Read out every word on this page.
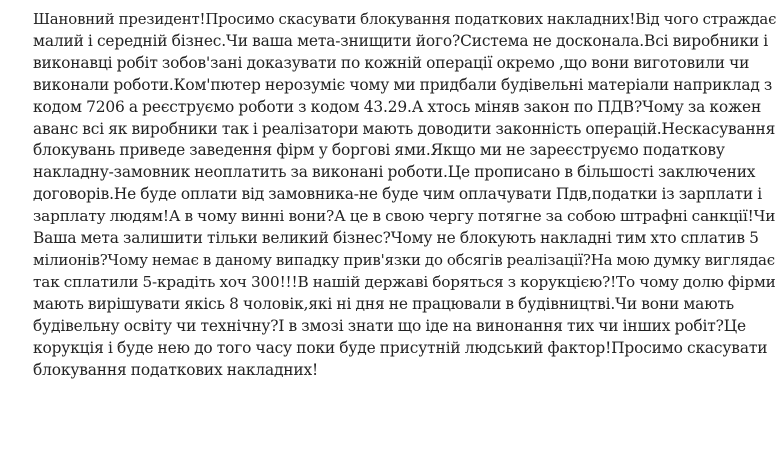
Шановний президент!Просимо скасувати блокування податкових накладних!Від чого страждає
малий і середній бізнес.Чи ваша мета-знищити його?Система не досконала.Всі виробники і
виконавці робіт зобов'зані доказувати по кожній операції окремо ,що вони виготовили чи
виконали роботи.Ком'пютер нерозуміє чому ми придбали будівельні матеріали наприклад з
кодом 7206 а реєструємо роботи з кодом 43.29.А хтось міняв закон по ПДВ?Чому за кожен
аванс всі як виробники так і реалізатори мають доводити законність операцій.Нескасування
блокувань приведе заведення фірм у боргові ями.Якщо ми не зареєструємо податкову
накладну-замовник неоплатить за виконані роботи.Це прописано в більшості заключених
договорів.Не буде оплати від замовника-не буде чим оплачувати Пдв,податки із зарплати і
зарплату людям!А в чому винні вони?А це в свою чергу потягне за собою штрафні санкції!Чи
Ваша мета залишити тільки великий бізнес?Чому не блокують накладні тим хто сплатив 5
мілионів?Чому немає в даному випадку прив'язки до обсягів реалізації?На мою думку виглядає
так сплатили 5-крадіть хоч 300!!!В нашій державі боряться з корукцією?!То чому долю фірми
мають вирішувати якісь 8 чоловік,які ні дня не працювали в будівництві.Чи вони мають
будівельну освіту чи технічну?І в змозі знати що іде на винонання тих чи інших робіт?Це
корукція і буде нею до того часу поки буде присутній людський фактор!Просимо скасувати
блокування податкових накладних!
